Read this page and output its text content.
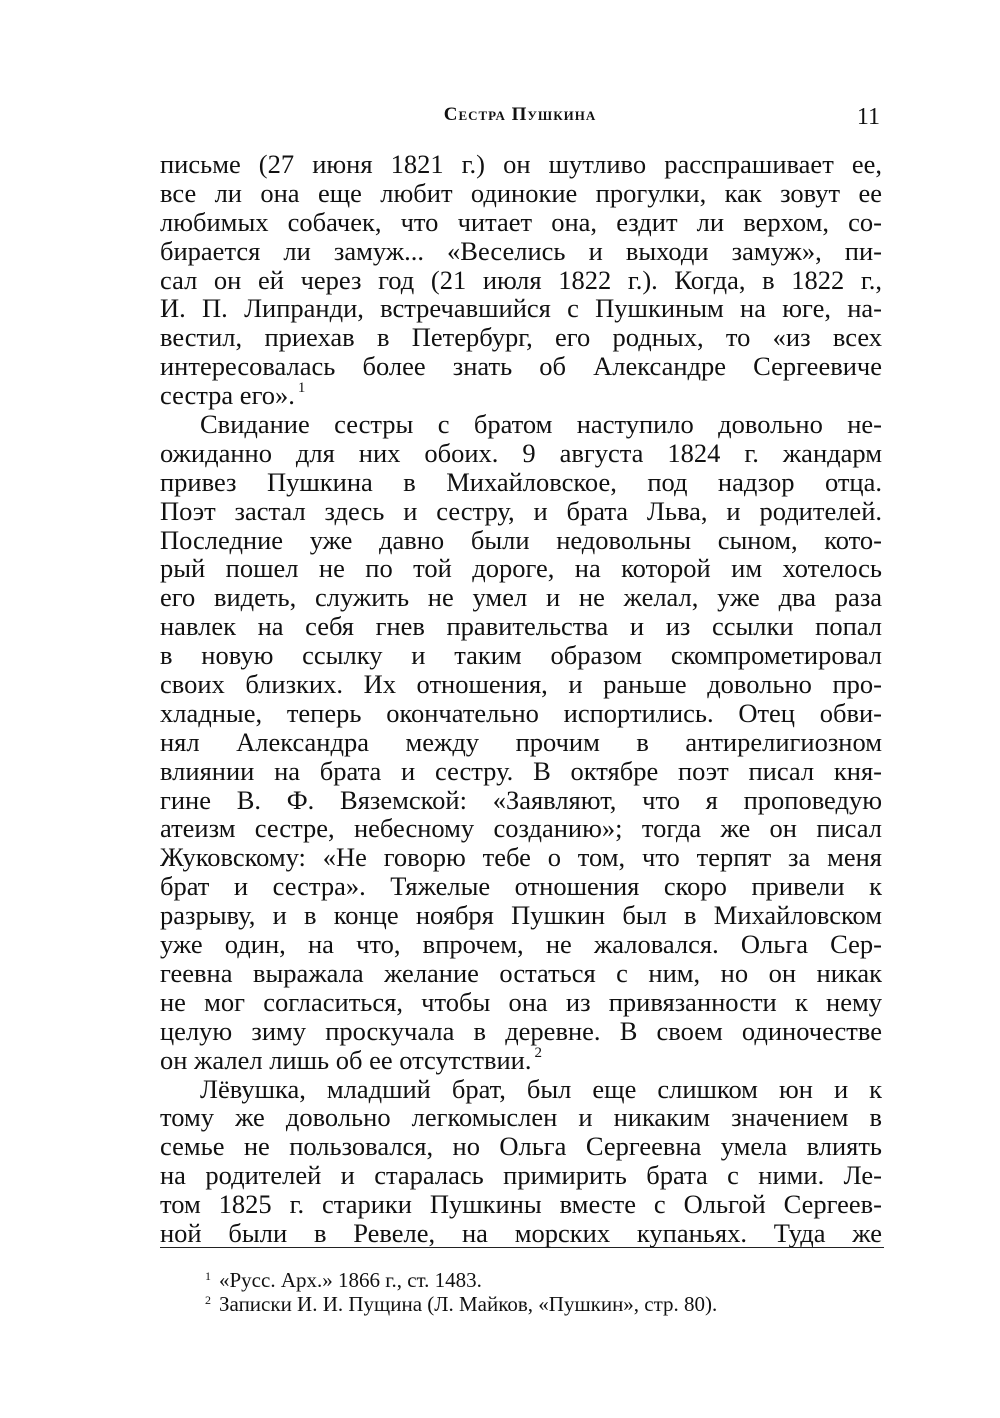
Сестра Пушкина	11
письме (27 июня 1821 г.) он шутливо расспрашивает ее,
все ли она еще любит одинокие прогулки, как зовут ее
любимых собачек, что читает она, ездит ли верхом, со-
бирается ли замуж... «Веселись и выходи замуж», пи-
сал он ей через год (21 июля 1822 г.). Когда, в 1822 г.,
И. П. Липранди, встречавшийся с Пушкиным на юге, на-
вестил, приехав в Петербург, его родных, то «из всех
интересовалась более знать об Александре Сергеевиче
сестра его». $^1$
Свидание сестры с братом наступило довольно не-
ожиданно для них обоих. 9 августа 1824 г. жандарм
привез Пушкина в Михайловское, под надзор отца.
Поэт застал здесь и сестру, и брата Льва, и родителей.
Последние уже давно были недовольны сыном, кото-
рый пошел не по той дороге, на которой им хотелось
его видеть, служить не умел и не желал, уже два раза
навлек на себя гнев правительства и из ссылки попал
в новую ссылку и таким образом скомпрометировал
своих близких. Их отношения, и раньше довольно про-
хладные, теперь окончательно испортились. Отец обви-
нял Александра между прочим в антирелигиозном
влиянии на брата и сестру. В октябре поэт писал кня-
гине В. Ф. Вяземской: «Заявляют, что я проповедую
атеизм сестре, небесному созданию»; тогда же он писал
Жуковскому: «Не говорю тебе о том, что терпят за меня
брат и сестра». Тяжелые отношения скоро привели к
разрыву, и в конце ноября Пушкин был в Михайловском
уже один, на что, впрочем, не жаловался. Ольга Сер-
геевна выражала желание остаться с ним, но он никак
не мог согласиться, чтобы она из привязанности к нему
целую зиму проскучала в деревне. В своем одиночестве
он жалел лишь об ее отсутствии. $^2$
Лёвушка, младший брат, был еще слишком юн и к
тому же довольно легкомыслен и никаким значением в
семье не пользовался, но Ольга Сергеевна умела влиять
на родителей и старалась примирить брата с ними. Ле-
том 1825 г. старики Пушкины вместе с Ольгой Сергеев-
ной были в Ревеле, на морских купаньях. Туда же
$^1$ «Русс. Арх.» 1866 г., ст. 1483.
$^2$ Записки И. И. Пущина (Л. Майков, «Пушкин», стр. 80).
